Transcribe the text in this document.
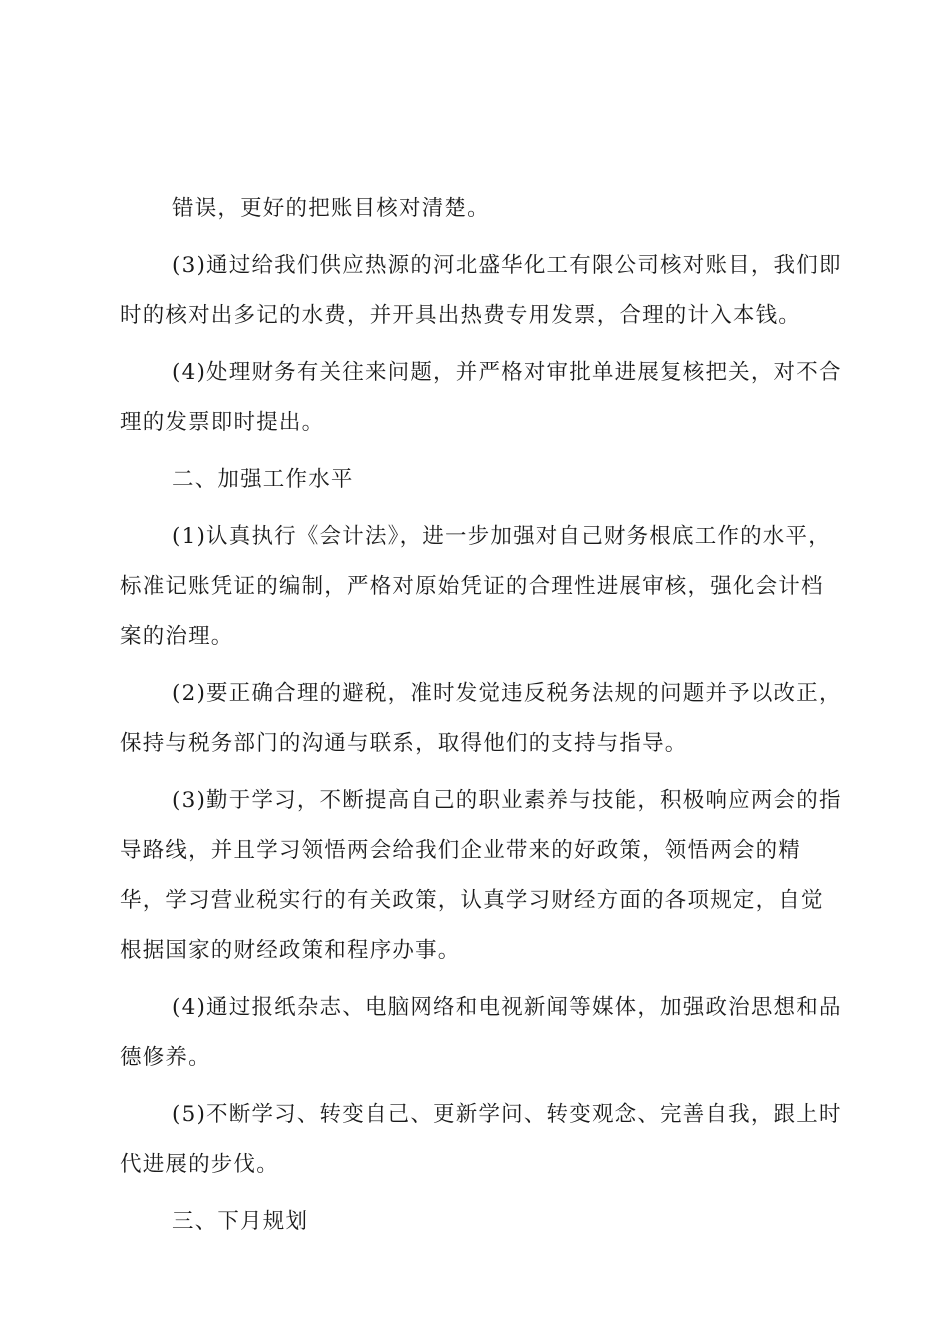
错误，更好的把账目核对清楚。
(3)通过给我们供应热源的河北盛华化工有限公司核对账目，我们即
时的核对出多记的水费，并开具出热费专用发票，合理的计入本钱。
(4)处理财务有关往来问题，并严格对审批单进展复核把关，对不合
理的发票即时提出。
二、加强工作水平
(1)认真执行《会计法》，进一步加强对自己财务根底工作的水平，
标准记账凭证的编制，严格对原始凭证的合理性进展审核，强化会计档
案的治理。
(2)要正确合理的避税，准时发觉违反税务法规的问题并予以改正，
保持与税务部门的沟通与联系，取得他们的支持与指导。
(3)勤于学习，不断提高自己的职业素养与技能，积极响应两会的指
导路线，并且学习领悟两会给我们企业带来的好政策，领悟两会的精
华，学习营业税实行的有关政策，认真学习财经方面的各项规定，自觉
根据国家的财经政策和程序办事。
(4)通过报纸杂志、电脑网络和电视新闻等媒体，加强政治思想和品
德修养。
(5)不断学习、转变自己、更新学问、转变观念、完善自我，跟上时
代进展的步伐。
三、下月规划
